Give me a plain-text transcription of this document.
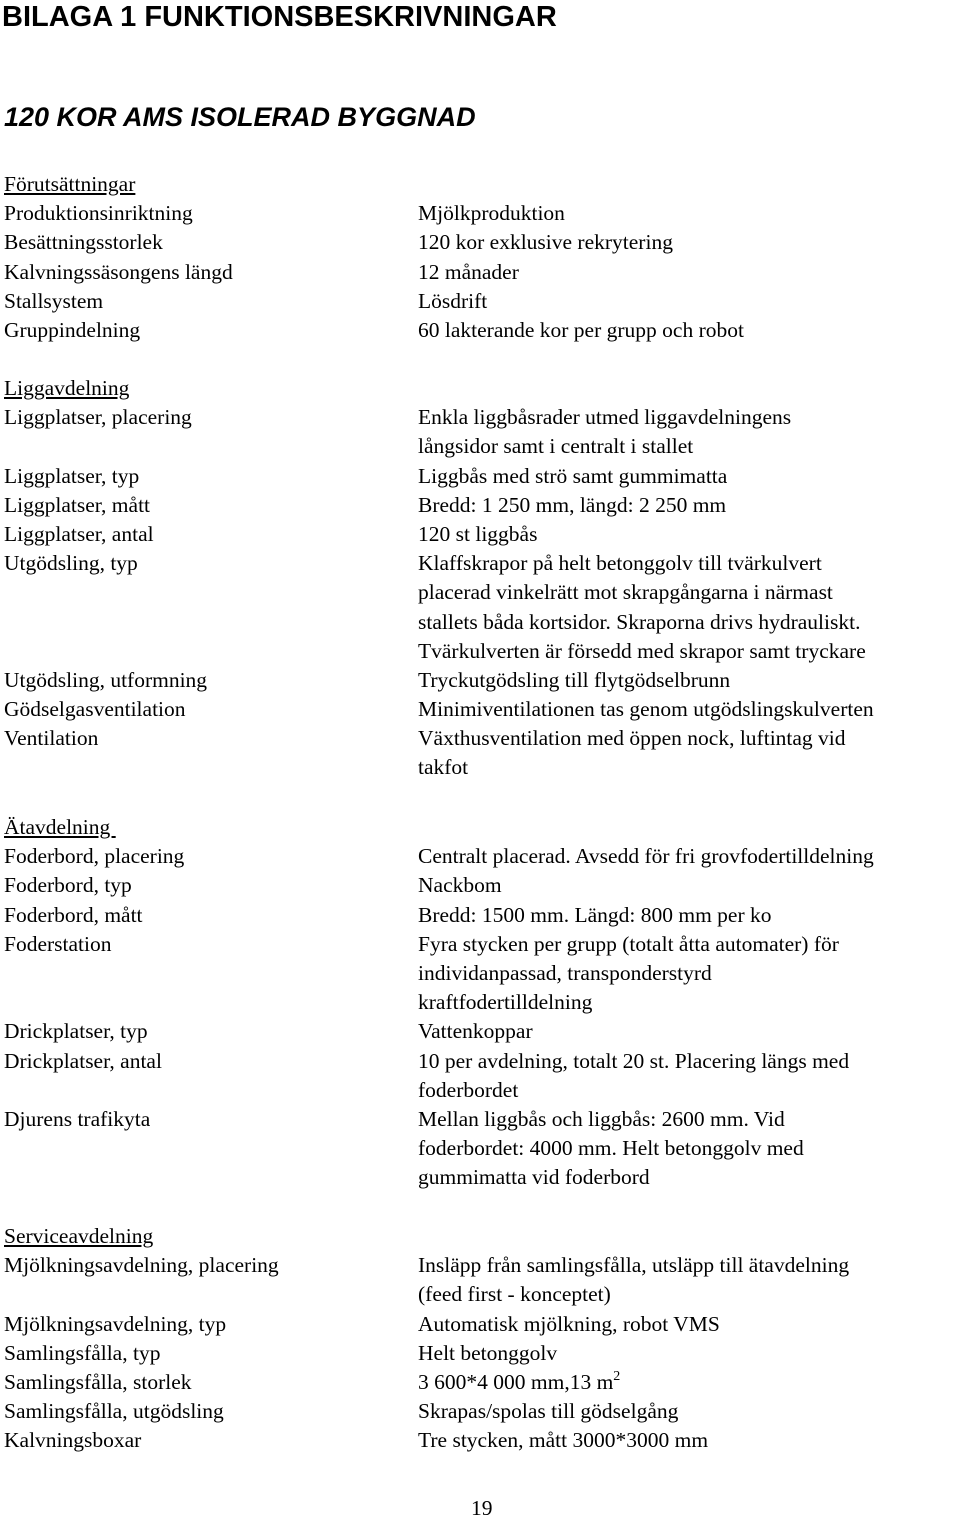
BILAGA 1 FUNKTIONSBESKRIVNINGAR
120 KOR AMS ISOLERAD BYGGNAD
Förutsättningar
Produktionsinriktning	Mjölkproduktion
Besättningsstorlek	120 kor exklusive rekrytering
Kalvningssäsongens längd	12 månader
Stallsystem	Lösdrift
Gruppindelning	60 lakterande kor per grupp och robot
Liggavdelning
Liggplatser, placering	Enkla liggbåsrader utmed liggavdelningens
långsidor samt i centralt i stallet
Liggplatser, typ	Liggbås med strö samt gummimatta
Liggplatser, mått	Bredd: 1 250 mm, längd: 2 250 mm
Liggplatser, antal	120 st liggbås
Utgödsling, typ	Klaffskrapor på helt betonggolv till tvärkulvert
placerad vinkelrätt mot skrapgångarna i närmast
stallets båda kortsidor. Skraporna drivs hydrauliskt.
Tvärkulverten är försedd med skrapor samt tryckare
Utgödsling, utformning	Tryckutgödsling till flytgödselbrunn
Gödselgasventilation	Minimiventilationen tas genom utgödslingskulverten
Ventilation	Växthusventilation med öppen nock, luftintag vid
takfot
Ätavdelning
Foderbord, placering	Centralt placerad. Avsedd för fri grovfodertilldelning
Foderbord, typ	Nackbom
Foderbord, mått	Bredd: 1500 mm. Längd: 800 mm per ko
Foderstation	Fyra stycken per grupp (totalt åtta automater) för
individanpassad, transponderstyrd
kraftfodertilldelning
Drickplatser, typ	Vattenkoppar
Drickplatser, antal	10 per avdelning, totalt 20 st. Placering längs med
foderbordet
Djurens trafikyta	Mellan liggbås och liggbås: 2600 mm. Vid
foderbordet: 4000 mm. Helt betonggolv med
gummimatta vid foderbord
Serviceavdelning
Mjölkningsavdelning, placering	Insläpp från samlingsfålla, utsläpp till ätavdelning
(feed first - konceptet)
Mjölkningsavdelning, typ	Automatisk mjölkning, robot VMS
Samlingsfålla, typ	Helt betonggolv
Samlingsfålla, storlek	3 600*4 000 mm,13 $m^2$
Samlingsfålla, utgödsling	Skrapas/spolas till gödselgång
Kalvningsboxar	Tre stycken, mått 3000*3000 mm
19
